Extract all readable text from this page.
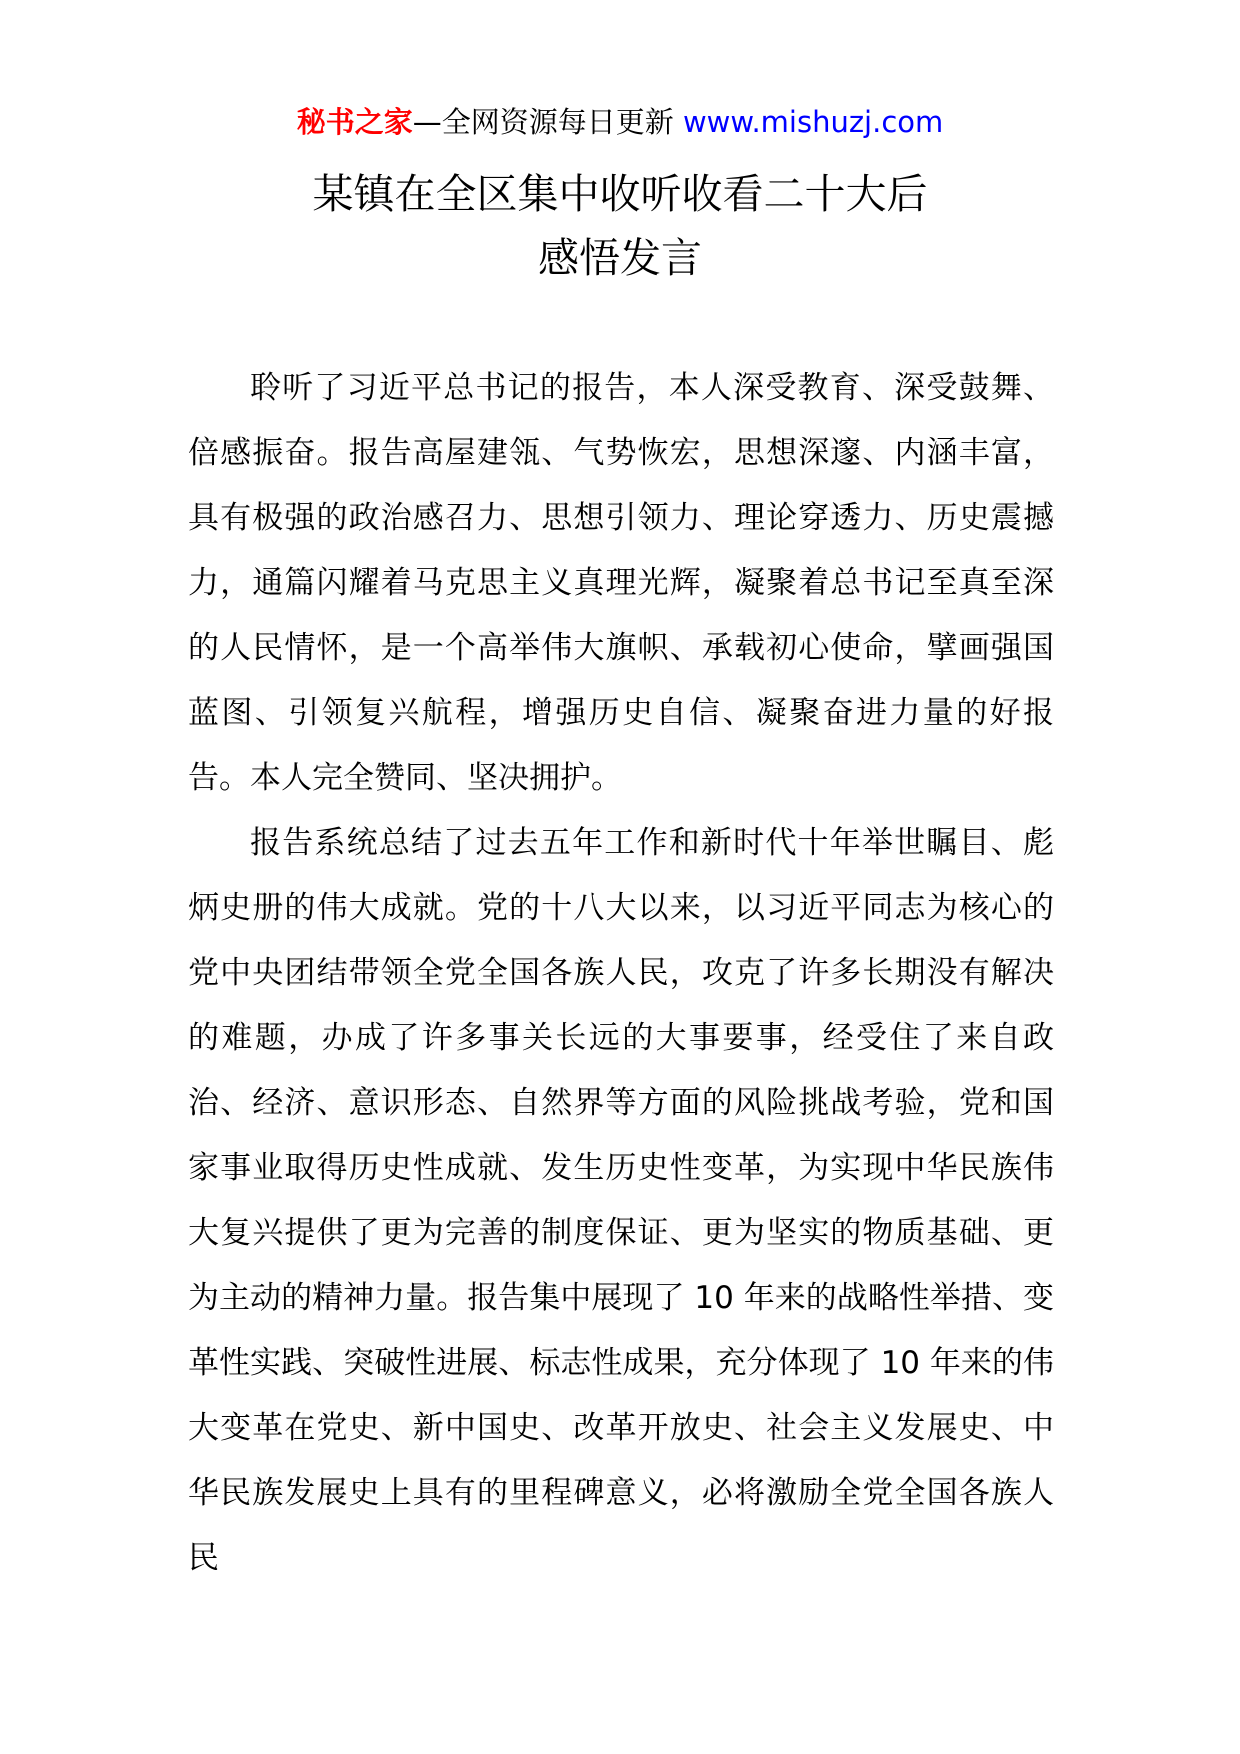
秘书之家—全网资源每日更新 www.mishuzj.com
某镇在全区集中收听收看二十大后
感悟发言

聆听了习近平总书记的报告，本人深受教育、深受鼓舞、倍感振奋。报告高屋建瓴、气势恢宏，思想深邃、内涵丰富，具有极强的政治感召力、思想引领力、理论穿透力、历史震撼力，通篇闪耀着马克思主义真理光辉，凝聚着总书记至真至深的人民情怀，是一个高举伟大旗帜、承载初心使命，擘画强国蓝图、引领复兴航程，增强历史自信、凝聚奋进力量的好报告。本人完全赞同、坚决拥护。

报告系统总结了过去五年工作和新时代十年举世瞩目、彪炳史册的伟大成就。党的十八大以来，以习近平同志为核心的党中央团结带领全党全国各族人民，攻克了许多长期没有解决的难题，办成了许多事关长远的大事要事，经受住了来自政治、经济、意识形态、自然界等方面的风险挑战考验，党和国家事业取得历史性成就、发生历史性变革，为实现中华民族伟大复兴提供了更为完善的制度保证、更为坚实的物质基础、更为主动的精神力量。报告集中展现了 10 年来的战略性举措、变革性实践、突破性进展、标志性成果，充分体现了 10 年来的伟大变革在党史、新中国史、改革开放史、社会主义发展史、中华民族发展史上具有的里程碑意义，必将激励全党全国各族人民
